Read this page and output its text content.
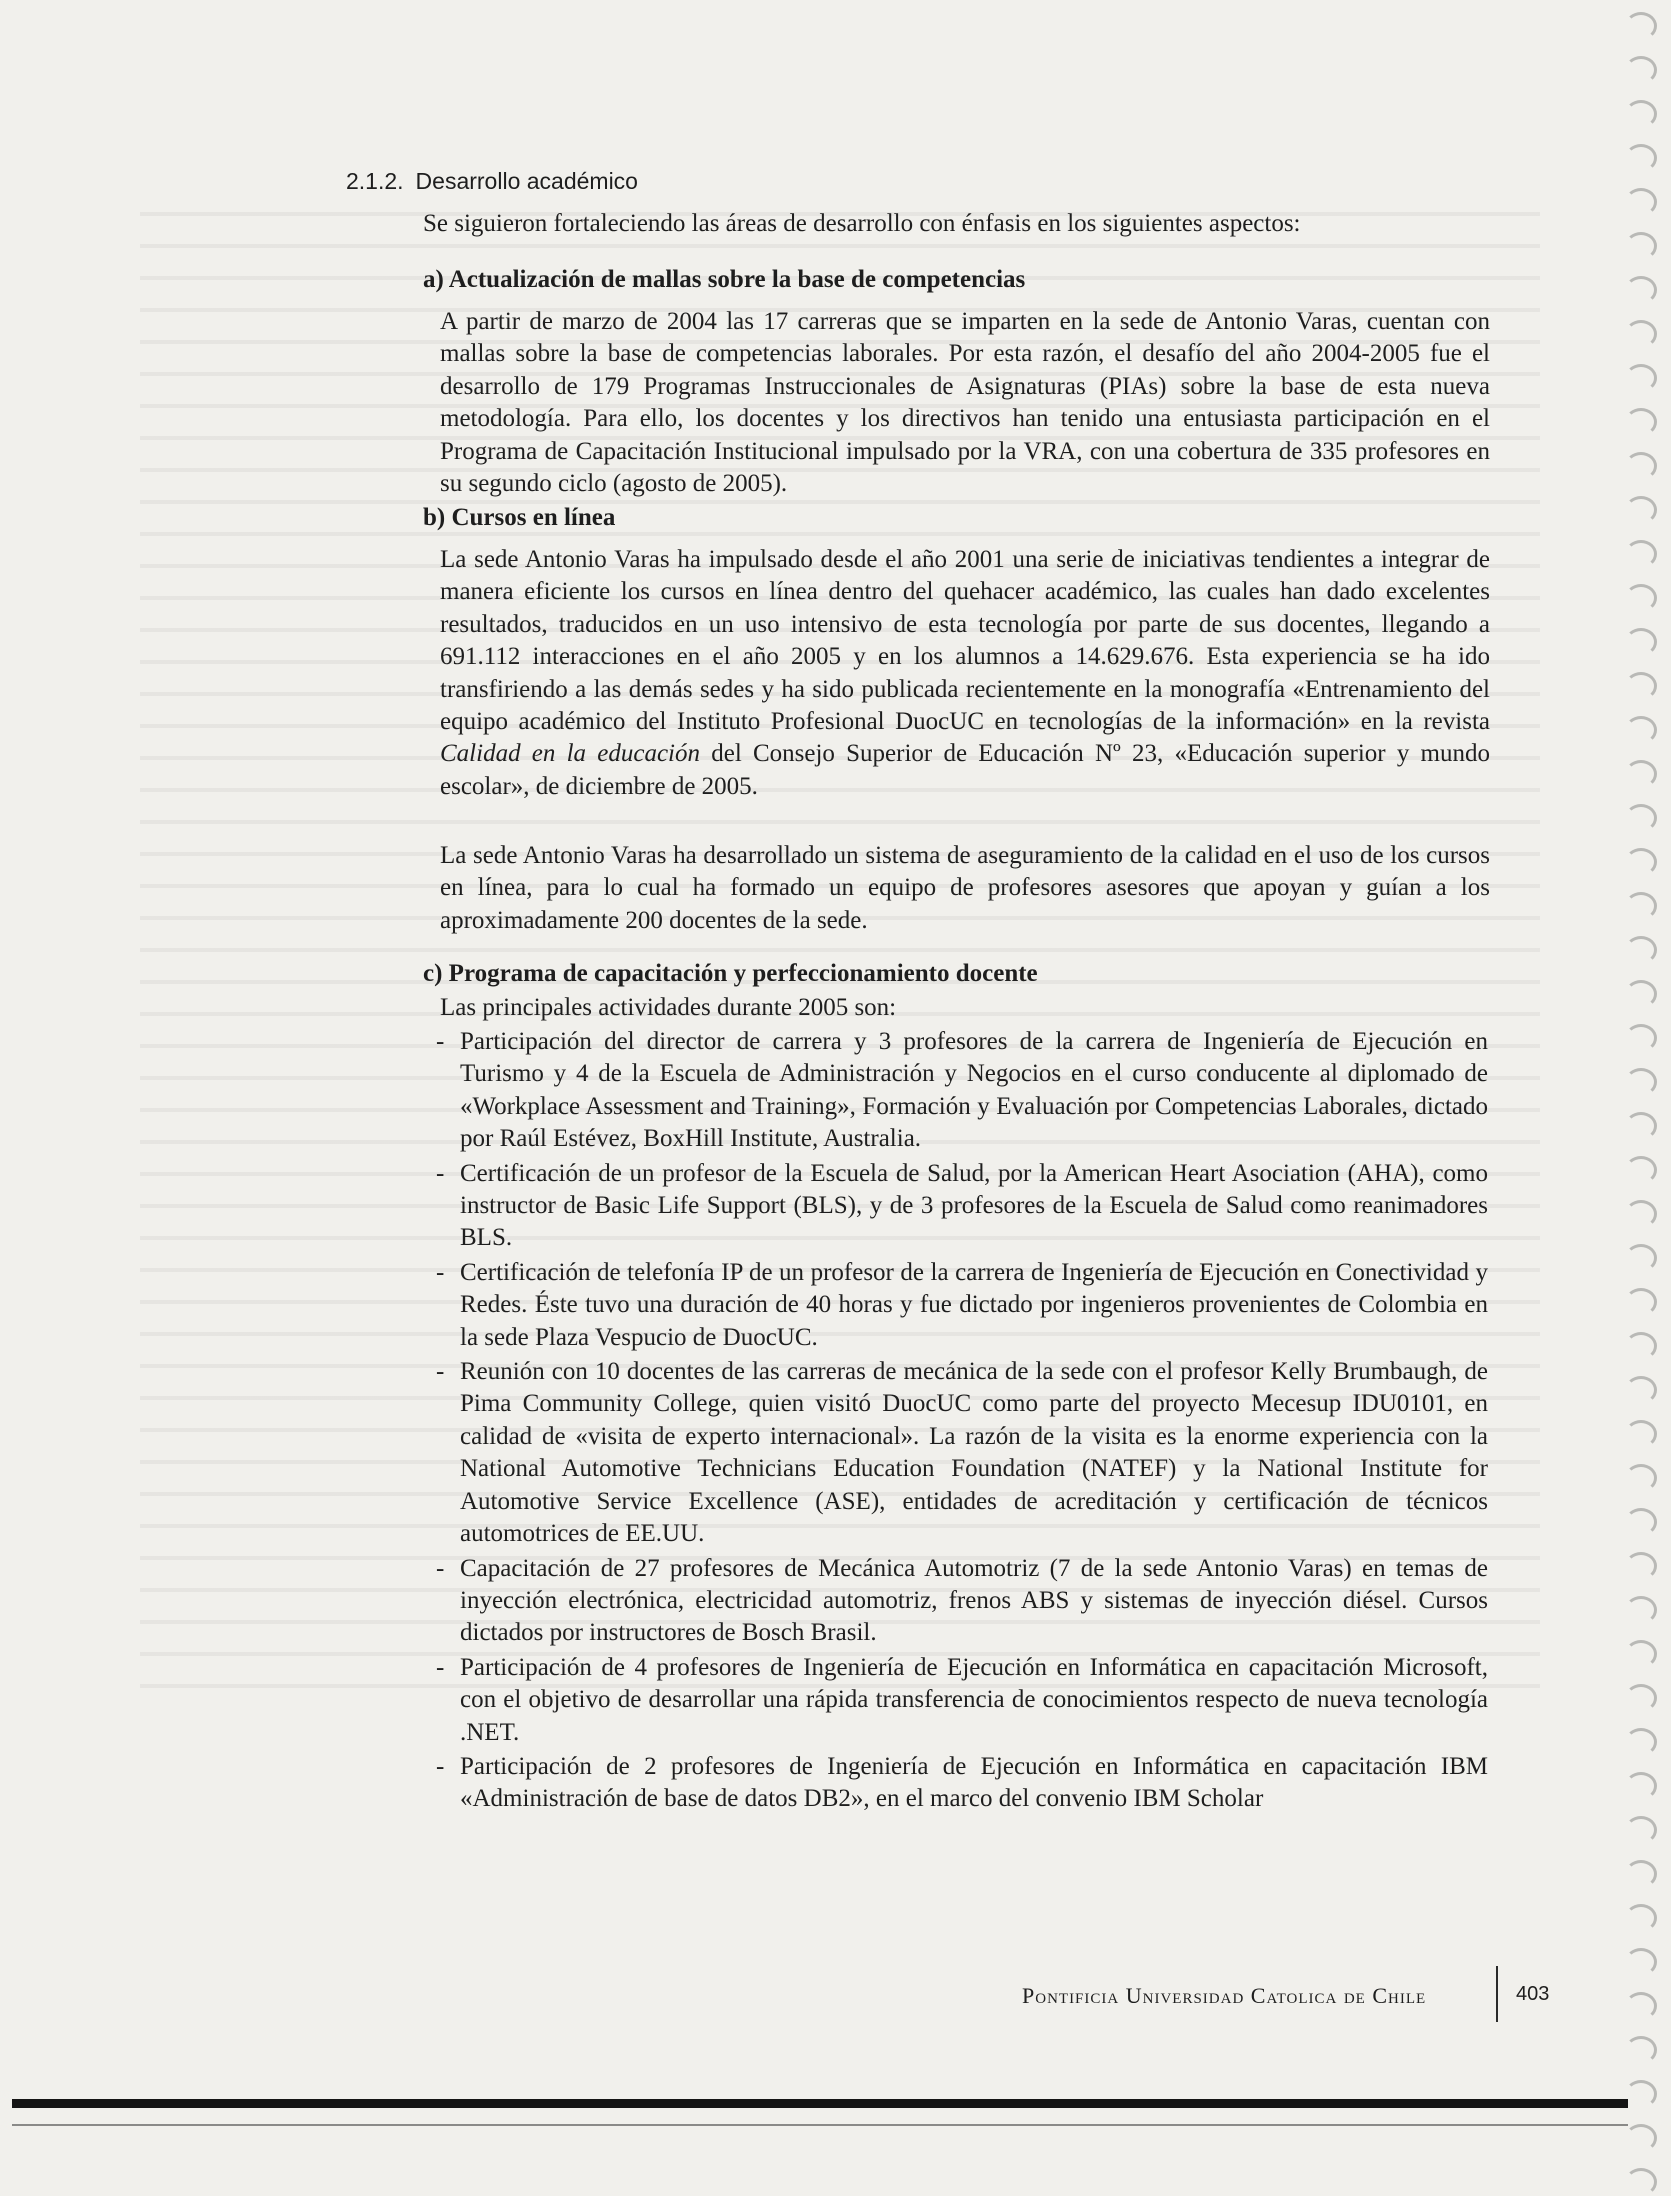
2.1.2. Desarrollo académico
Se siguieron fortaleciendo las áreas de desarrollo con énfasis en los siguientes aspectos:
a) Actualización de mallas sobre la base de competencias
A partir de marzo de 2004 las 17 carreras que se imparten en la sede de Antonio Varas, cuentan con mallas sobre la base de competencias laborales. Por esta razón, el desafío del año 2004-2005 fue el desarrollo de 179 Programas Instruccionales de Asignaturas (PIAs) sobre la base de esta nueva metodología. Para ello, los docentes y los directivos han tenido una entusiasta participación en el Programa de Capacitación Institucional impulsado por la VRA, con una cobertura de 335 profesores en su segundo ciclo (agosto de 2005).
b) Cursos en línea
La sede Antonio Varas ha impulsado desde el año 2001 una serie de iniciativas tendientes a integrar de manera eficiente los cursos en línea dentro del quehacer académico, las cuales han dado excelentes resultados, traducidos en un uso intensivo de esta tecnología por parte de sus docentes, llegando a 691.112 interacciones en el año 2005 y en los alumnos a 14.629.676. Esta experiencia se ha ido transfiriendo a las demás sedes y ha sido publicada recientemente en la monografía «Entrenamiento del equipo académico del Instituto Profesional DuocUC en tecnologías de la información» en la revista Calidad en la educación del Consejo Superior de Educación Nº 23, «Educación superior y mundo escolar», de diciembre de 2005.
La sede Antonio Varas ha desarrollado un sistema de aseguramiento de la calidad en el uso de los cursos en línea, para lo cual ha formado un equipo de profesores asesores que apoyan y guían a los aproximadamente 200 docentes de la sede.
c) Programa de capacitación y perfeccionamiento docente
Las principales actividades durante 2005 son:
- Participación del director de carrera y 3 profesores de la carrera de Ingeniería de Ejecución en Turismo y 4 de la Escuela de Administración y Negocios en el curso conducente al diplomado de «Workplace Assessment and Training», Formación y Evaluación por Competencias Laborales, dictado por Raúl Estévez, BoxHill Institute, Australia.
- Certificación de un profesor de la Escuela de Salud, por la American Heart Asociation (AHA), como instructor de Basic Life Support (BLS), y de 3 profesores de la Escuela de Salud como reanimadores BLS.
- Certificación de telefonía IP de un profesor de la carrera de Ingeniería de Ejecución en Conectividad y Redes. Éste tuvo una duración de 40 horas y fue dictado por ingenieros provenientes de Colombia en la sede Plaza Vespucio de DuocUC.
- Reunión con 10 docentes de las carreras de mecánica de la sede con el profesor Kelly Brumbaugh, de Pima Community College, quien visitó DuocUC como parte del proyecto Mecesup IDU0101, en calidad de «visita de experto internacional». La razón de la visita es la enorme experiencia con la National Automotive Technicians Education Foundation (NATEF) y la National Institute for Automotive Service Excellence (ASE), entidades de acreditación y certificación de técnicos automotrices de EE.UU.
- Capacitación de 27 profesores de Mecánica Automotriz (7 de la sede Antonio Varas) en temas de inyección electrónica, electricidad automotriz, frenos ABS y sistemas de inyección diésel. Cursos dictados por instructores de Bosch Brasil.
- Participación de 4 profesores de Ingeniería de Ejecución en Informática en capacitación Microsoft, con el objetivo de desarrollar una rápida transferencia de conocimientos respecto de nueva tecnología .NET.
- Participación de 2 profesores de Ingeniería de Ejecución en Informática en capacitación IBM «Administración de base de datos DB2», en el marco del convenio IBM Scholar
Pontificia Universidad Catolica de Chile	403
